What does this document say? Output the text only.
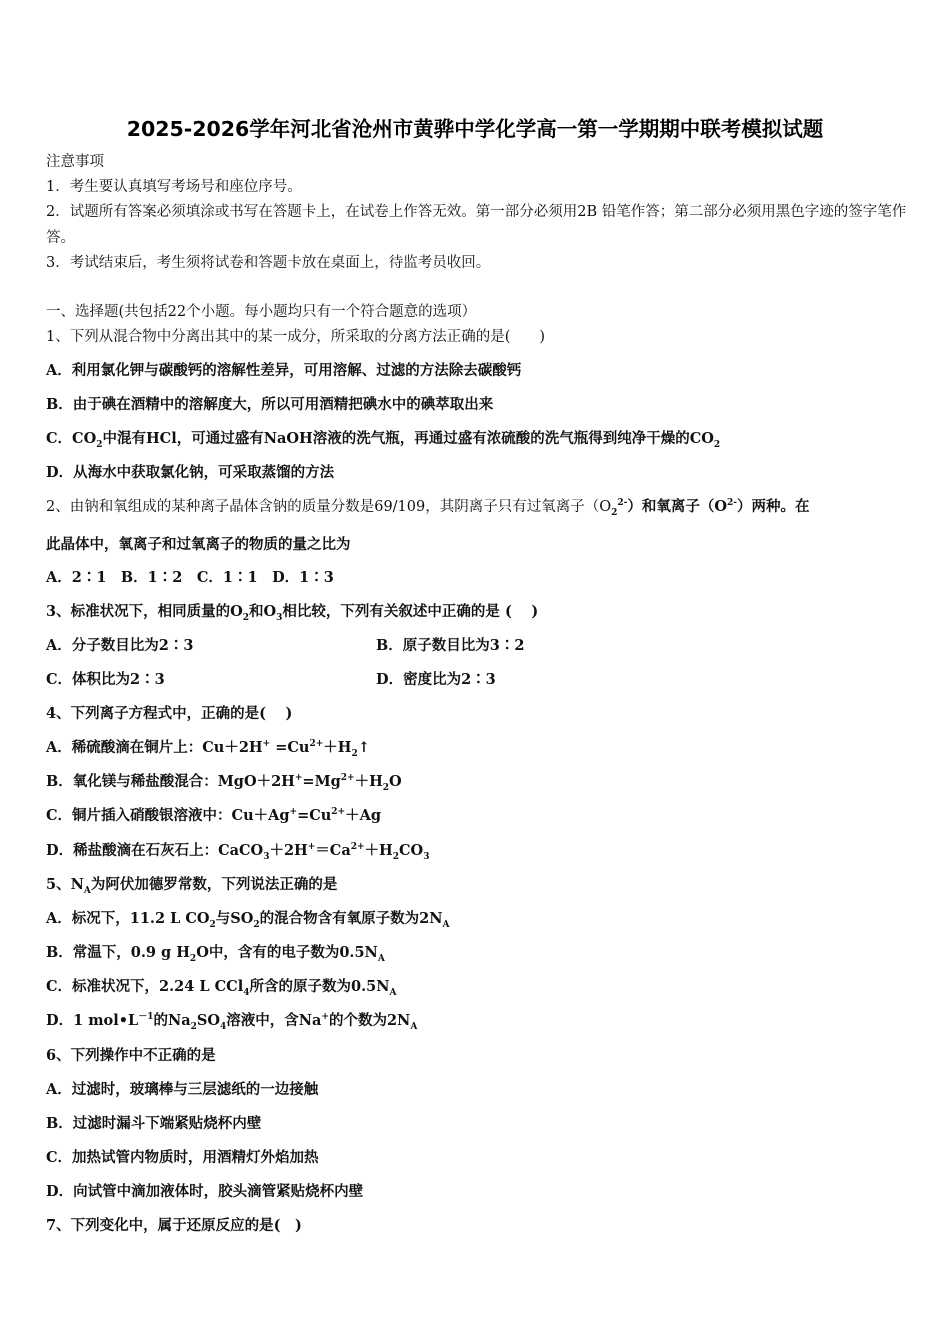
2025-2026学年河北省沧州市黄骅中学化学高一第一学期期中联考模拟试题
注意事项
1．考生要认真填写考场号和座位序号。
2．试题所有答案必须填涂或书写在答题卡上，在试卷上作答无效。第一部分必须用2B 铅笔作答；第二部分必须用黑色字迹的签字笔作答。
3．考试结束后，考生须将试卷和答题卡放在桌面上，待监考员收回。
一、选择题(共包括22个小题。每小题均只有一个符合题意的选项）
1、下列从混合物中分离出其中的某一成分，所采取的分离方法正确的是(　　)
A．利用氯化钾与碳酸钙的溶解性差异，可用溶解、过滤的方法除去碳酸钙
B．由于碘在酒精中的溶解度大，所以可用酒精把碘水中的碘萃取出来
C．$CO_2$中混有HCl，可通过盛有NaOH溶液的洗气瓶，再通过盛有浓硫酸的洗气瓶得到纯净干燥的$CO_2$
D．从海水中获取氯化钠，可采取蒸馏的方法
2、由钠和氧组成的某种离子晶体含钠的质量分数是69/109，其阴离子只有过氧离子$(O_2^{2-})$和氧离子$(O^{2-})$两种。在
此晶体中，氧离子和过氧离子的物质的量之比为
A．2∶1　B．1∶2　C．1∶1　D．1∶3
3、标准状况下，相同质量的$O_2$和$O_3$相比较，下列有关叙述中正确的是 (　 )
A．分子数目比为2∶3	B．原子数目比为3∶2
C．体积比为2∶3	D．密度比为2∶3
4、下列离子方程式中，正确的是(　 )
A．稀硫酸滴在铜片上：$Cu+2H^+ =Cu^{2+}+H_2↑$
B．氧化镁与稀盐酸混合：$MgO+2H^+=Mg^{2+}+H_2O$
C．铜片插入硝酸银溶液中：$Cu+Ag^+=Cu^{2+}+Ag$
D．稀盐酸滴在石灰石上：$CaCO_3+2H^+=Ca^{2+}+H_2CO_3$
5、$N_A$为阿伏加德罗常数，下列说法正确的是
A．标况下，11.2 L $CO_2$与$SO_2$的混合物含有氧原子数为$2N_A$
B．常温下，0.9 g $H_2O$中，含有的电子数为$0.5N_A$
C．标准状况下，2.24 L CCl$_4$所含的原子数为$0.5N_A$
D．1 $mol•L^{-1}$的$Na_2SO_4$溶液中，含Na+的个数为$2N_A$
6、下列操作中不正确的是
A．过滤时，玻璃棒与三层滤纸的一边接触
B．过滤时漏斗下端紧贴烧杯内壁
C．加热试管内物质时，用酒精灯外焰加热
D．向试管中滴加液体时，胶头滴管紧贴烧杯内壁
7、下列变化中，属于还原反应的是(　)
